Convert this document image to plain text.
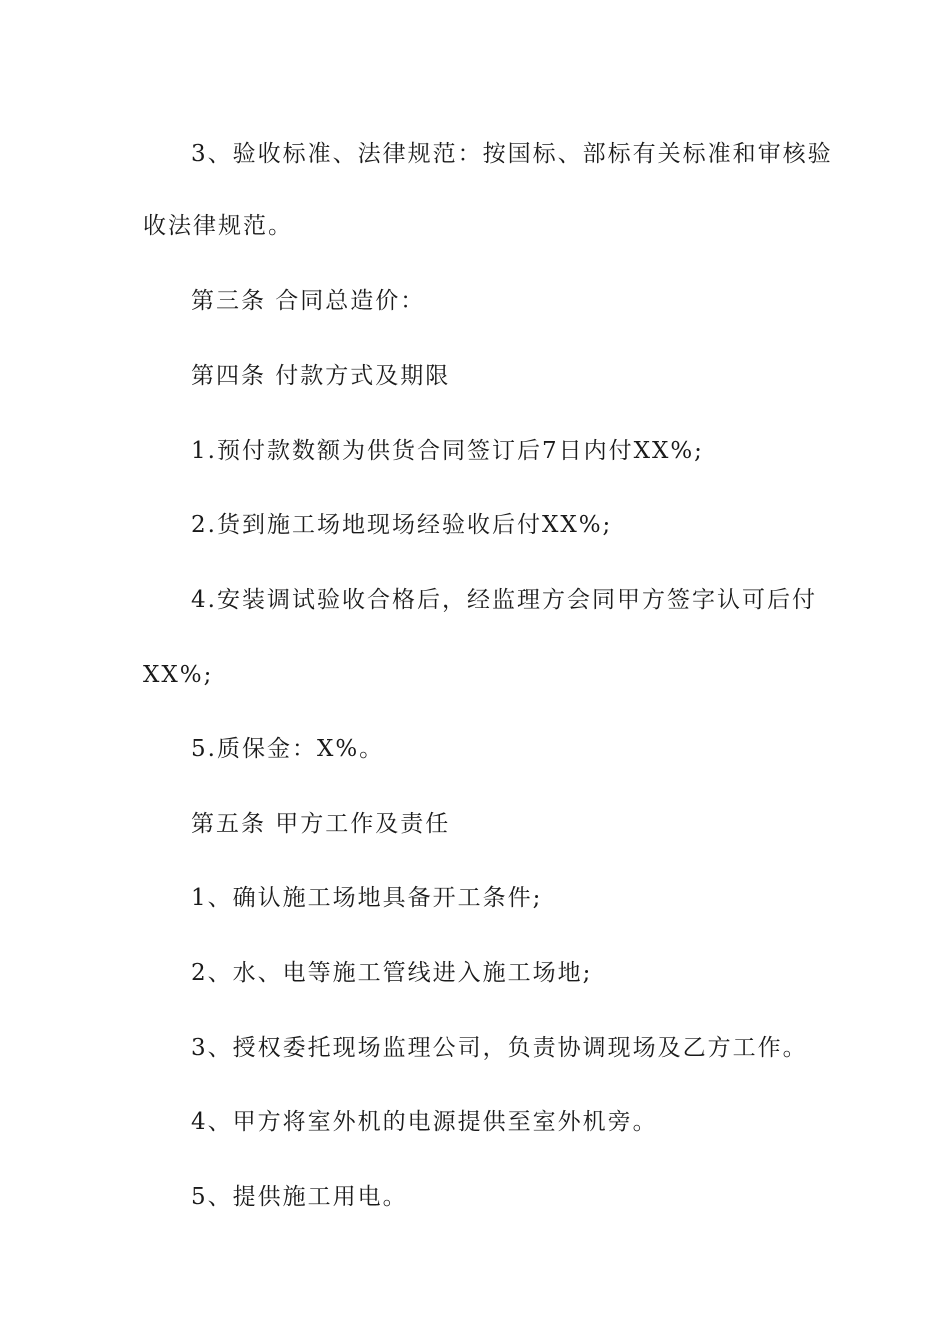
3、验收标准、法律规范：按国标、部标有关标准和审核验
收法律规范。
第三条 合同总造价：
第四条 付款方式及期限
1.预付款数额为供货合同签订后7日内付XX%;
2.货到施工场地现场经验收后付XX%;
4.安装调试验收合格后，经监理方会同甲方签字认可后付
XX%;
5.质保金：X%。
第五条 甲方工作及责任
1、确认施工场地具备开工条件;
2、水、电等施工管线进入施工场地;
3、授权委托现场监理公司，负责协调现场及乙方工作。
4、甲方将室外机的电源提供至室外机旁。
5、提供施工用电。
